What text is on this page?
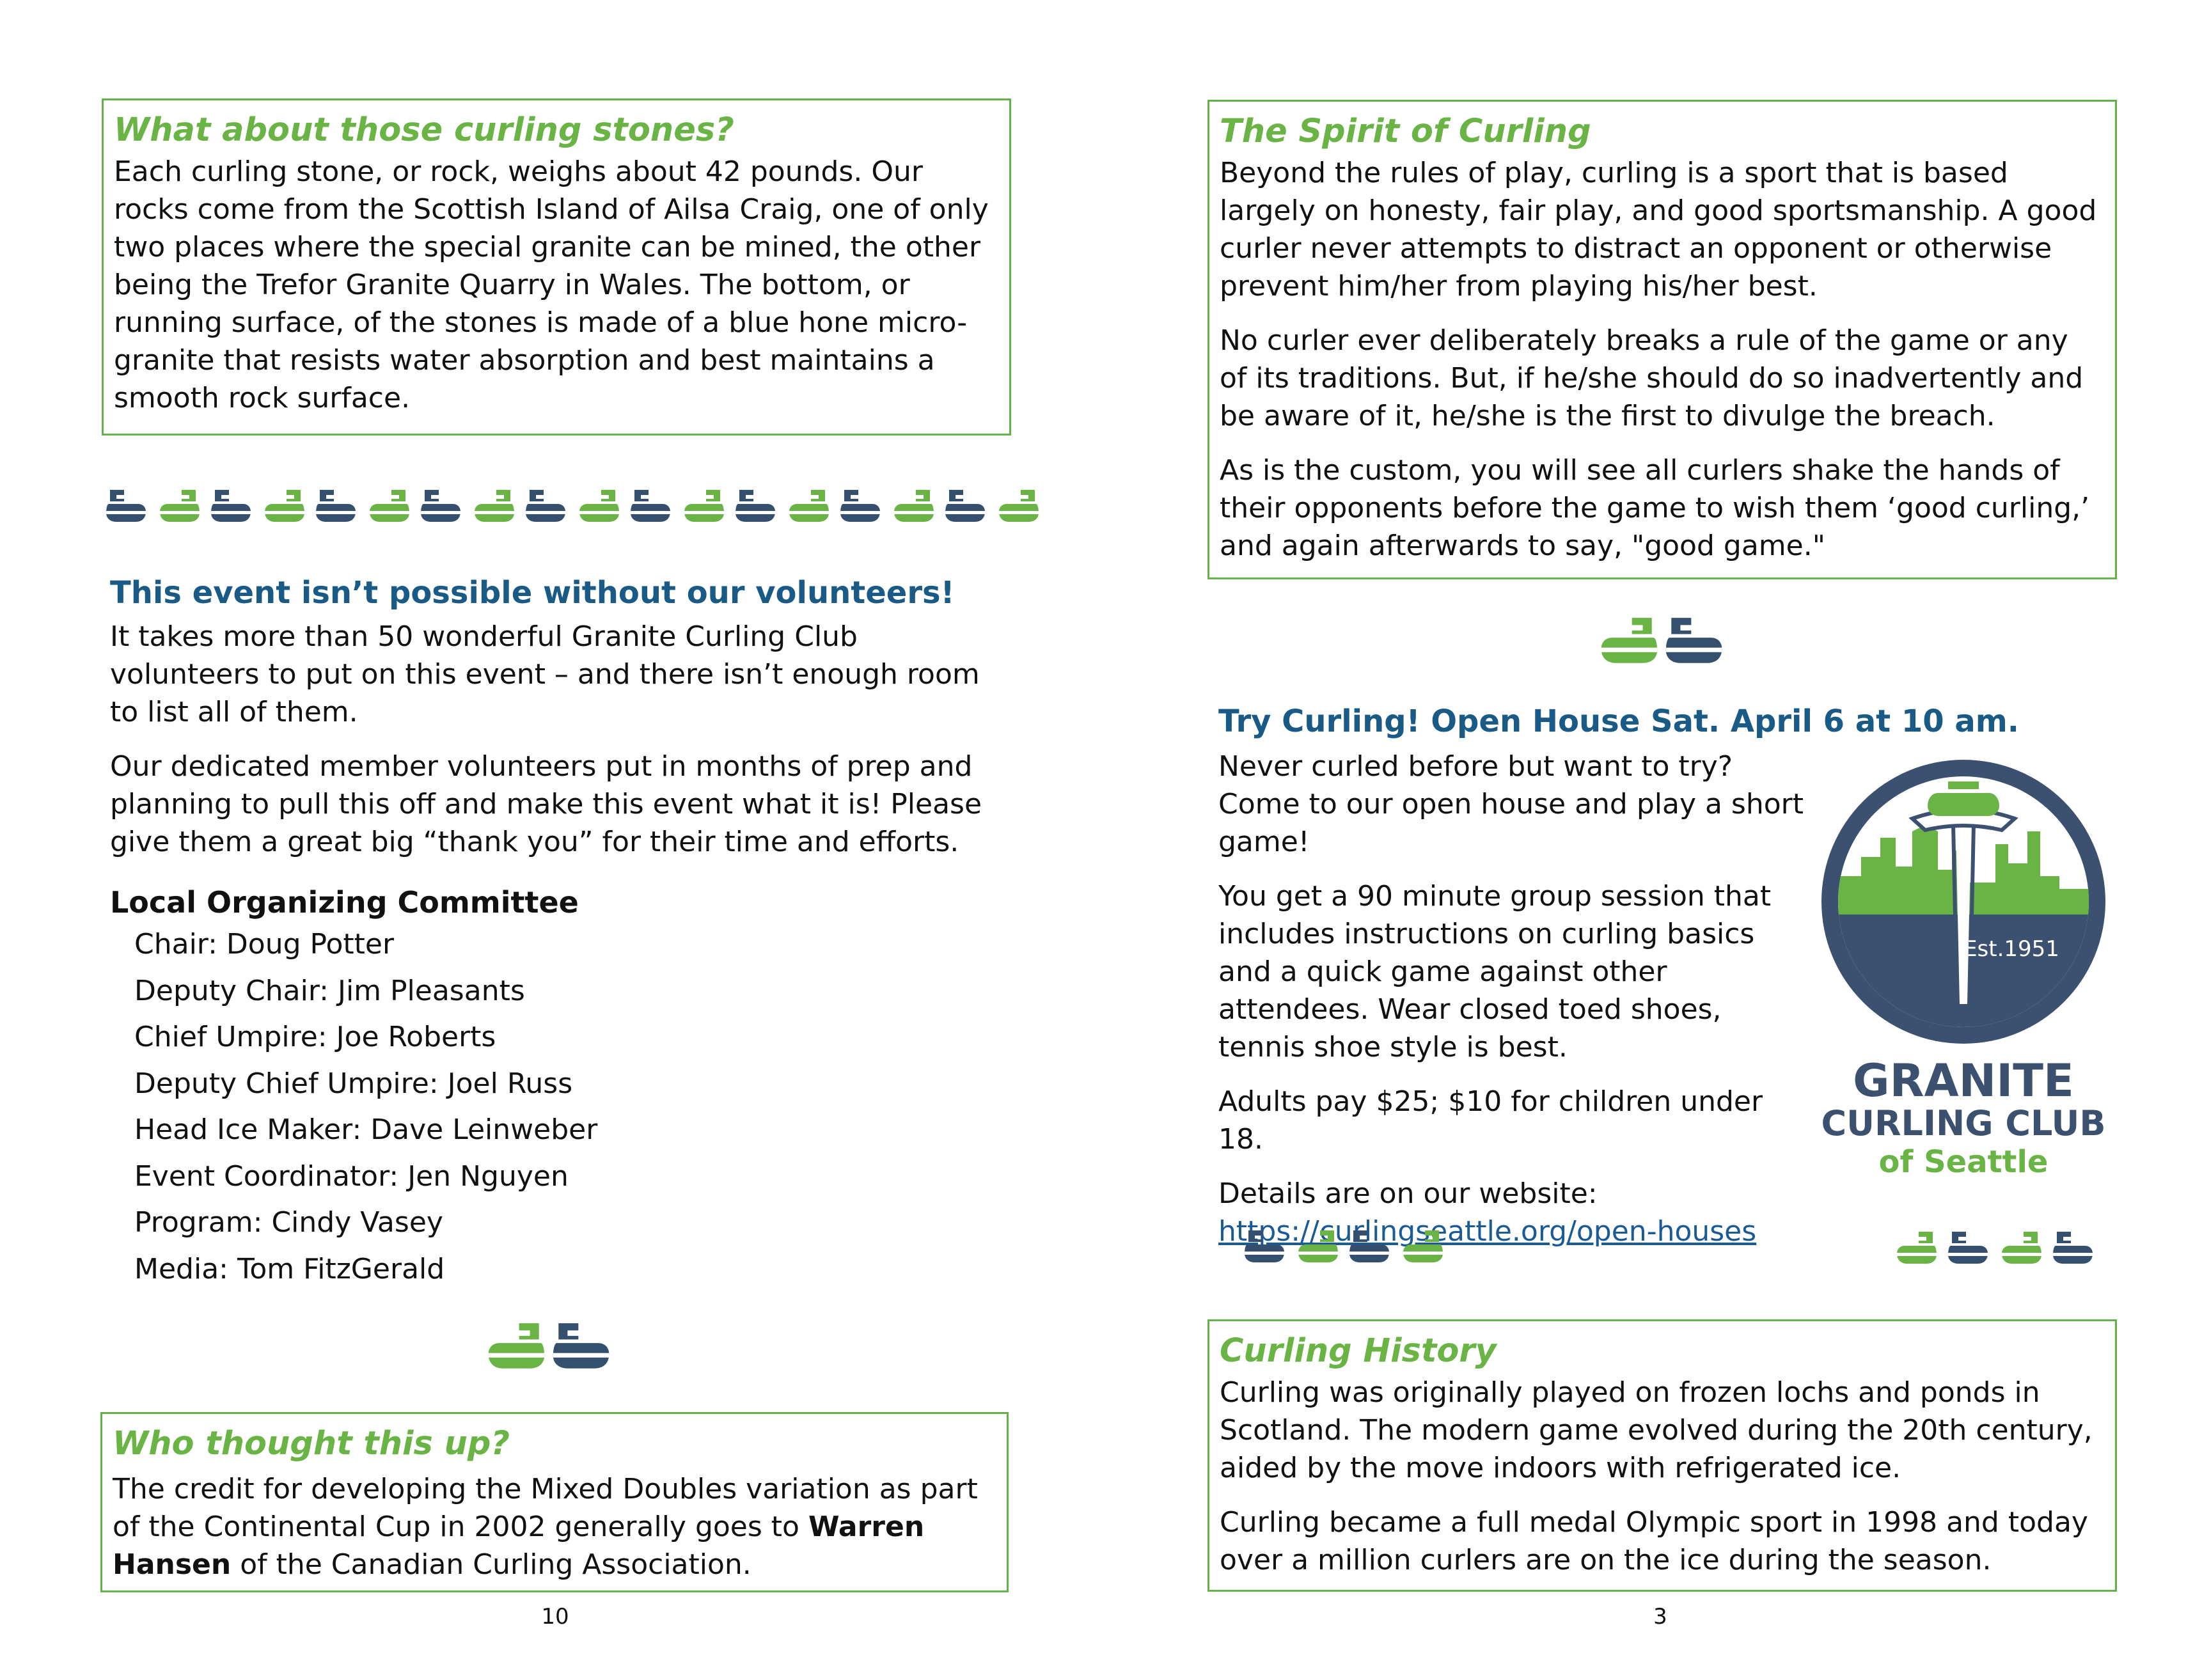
What about those curling stones?

Each curling stone, or rock, weighs about 42 pounds. Our rocks come from the Scottish Island of Ailsa Craig, one of only two places where the special granite can be mined, the other being the Trefor Granite Quarry in Wales. The bottom, or running surface, of the stones is made of a blue hone micro-granite that resists water absorption and best maintains a smooth rock surface.

This event isn’t possible without our volunteers!

It takes more than 50 wonderful Granite Curling Club volunteers to put on this event – and there isn’t enough room to list all of them.

Our dedicated member volunteers put in months of prep and planning to pull this off and make this event what it is! Please give them a great big “thank you” for their time and efforts.

Local Organizing Committee
Chair: Doug Potter
Deputy Chair: Jim Pleasants
Chief Umpire: Joe Roberts
Deputy Chief Umpire: Joel Russ
Head Ice Maker: Dave Leinweber
Event Coordinator: Jen Nguyen
Program: Cindy Vasey
Media: Tom FitzGerald
Who thought this up?

The credit for developing the Mixed Doubles variation as part of the Continental Cup in 2002 generally goes to Warren Hansen of the Canadian Curling Association.

10
The Spirit of Curling

Beyond the rules of play, curling is a sport that is based largely on honesty, fair play, and good sportsmanship. A good curler never attempts to distract an opponent or otherwise prevent him/her from playing his/her best.

No curler ever deliberately breaks a rule of the game or any of its traditions. But, if he/she should do so inadvertently and be aware of it, he/she is the first to divulge the breach.

As is the custom, you will see all curlers shake the hands of their opponents before the game to wish them ‘good curling,’ and again afterwards to say, "good game."

Try Curling! Open House Sat. April 6 at 10 am.

Never curled before but want to try? Come to our open house and play a short game!

You get a 90 minute group session that includes instructions on curling basics and a quick game against other attendees. Wear closed toed shoes, tennis shoe style is best.

Adults pay $25; $10 for children under 18.

Details are on our website:

https://curlingseattle.org/open-houses

Est.1951
GRANITE
CURLING CLUB
of Seattle
Curling History

Curling was originally played on frozen lochs and ponds in Scotland. The modern game evolved during the 20th century, aided by the move indoors with refrigerated ice.

Curling became a full medal Olympic sport in 1998 and today over a million curlers are on the ice during the season.

3
